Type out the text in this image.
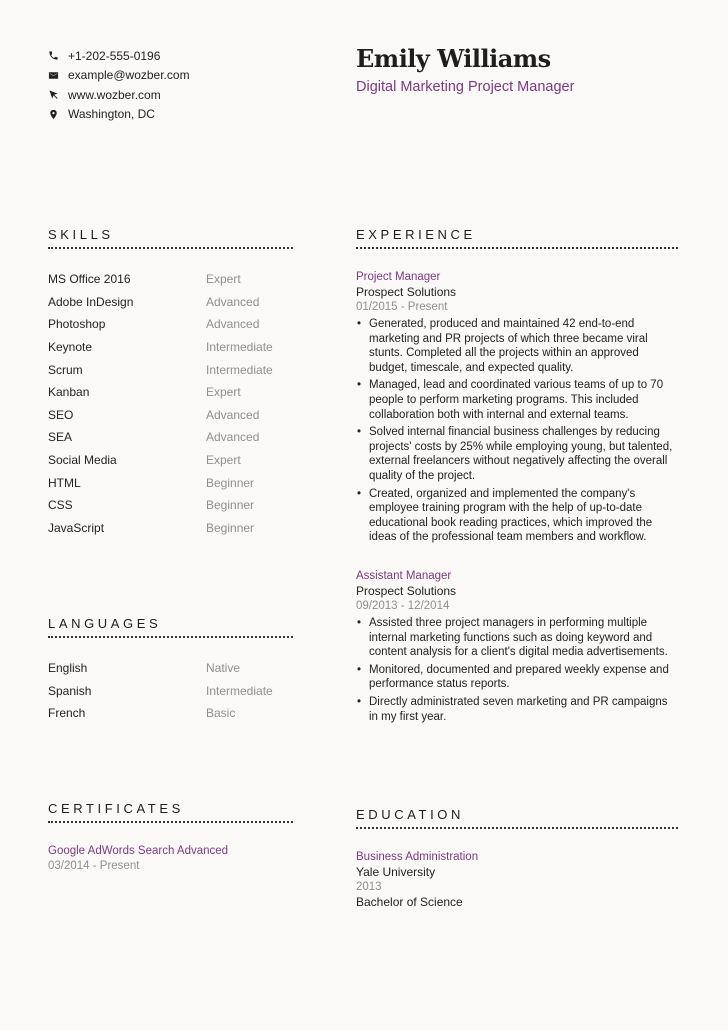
+1-202-555-0196
example@wozber.com
www.wozber.com
Washington, DC
Emily Williams
Digital Marketing Project Manager
SKILLS
MS Office 2016	Expert
Adobe InDesign	Advanced
Photoshop	Advanced
Keynote	Intermediate
Scrum	Intermediate
Kanban	Expert
SEO	Advanced
SEA	Advanced
Social Media	Expert
HTML	Beginner
CSS	Beginner
JavaScript	Beginner
LANGUAGES
English	Native
Spanish	Intermediate
French	Basic
CERTIFICATES
Google AdWords Search Advanced
03/2014 - Present
EXPERIENCE
Project Manager
Prospect Solutions
01/2015 - Present
• Generated, produced and maintained 42 end-to-end marketing and PR projects of which three became viral stunts. Completed all the projects within an approved budget, timescale, and expected quality.
• Managed, lead and coordinated various teams of up to 70 people to perform marketing programs. This included collaboration both with internal and external teams.
• Solved internal financial business challenges by reducing projects' costs by 25% while employing young, but talented, external freelancers without negatively affecting the overall quality of the project.
• Created, organized and implemented the company's employee training program with the help of up-to-date educational book reading practices, which improved the ideas of the professional team members and workflow.
Assistant Manager
Prospect Solutions
09/2013 - 12/2014
• Assisted three project managers in performing multiple internal marketing functions such as doing keyword and content analysis for a client's digital media advertisements.
• Monitored, documented and prepared weekly expense and performance status reports.
• Directly administrated seven marketing and PR campaigns in my first year.
EDUCATION
Business Administration
Yale University
2013
Bachelor of Science
